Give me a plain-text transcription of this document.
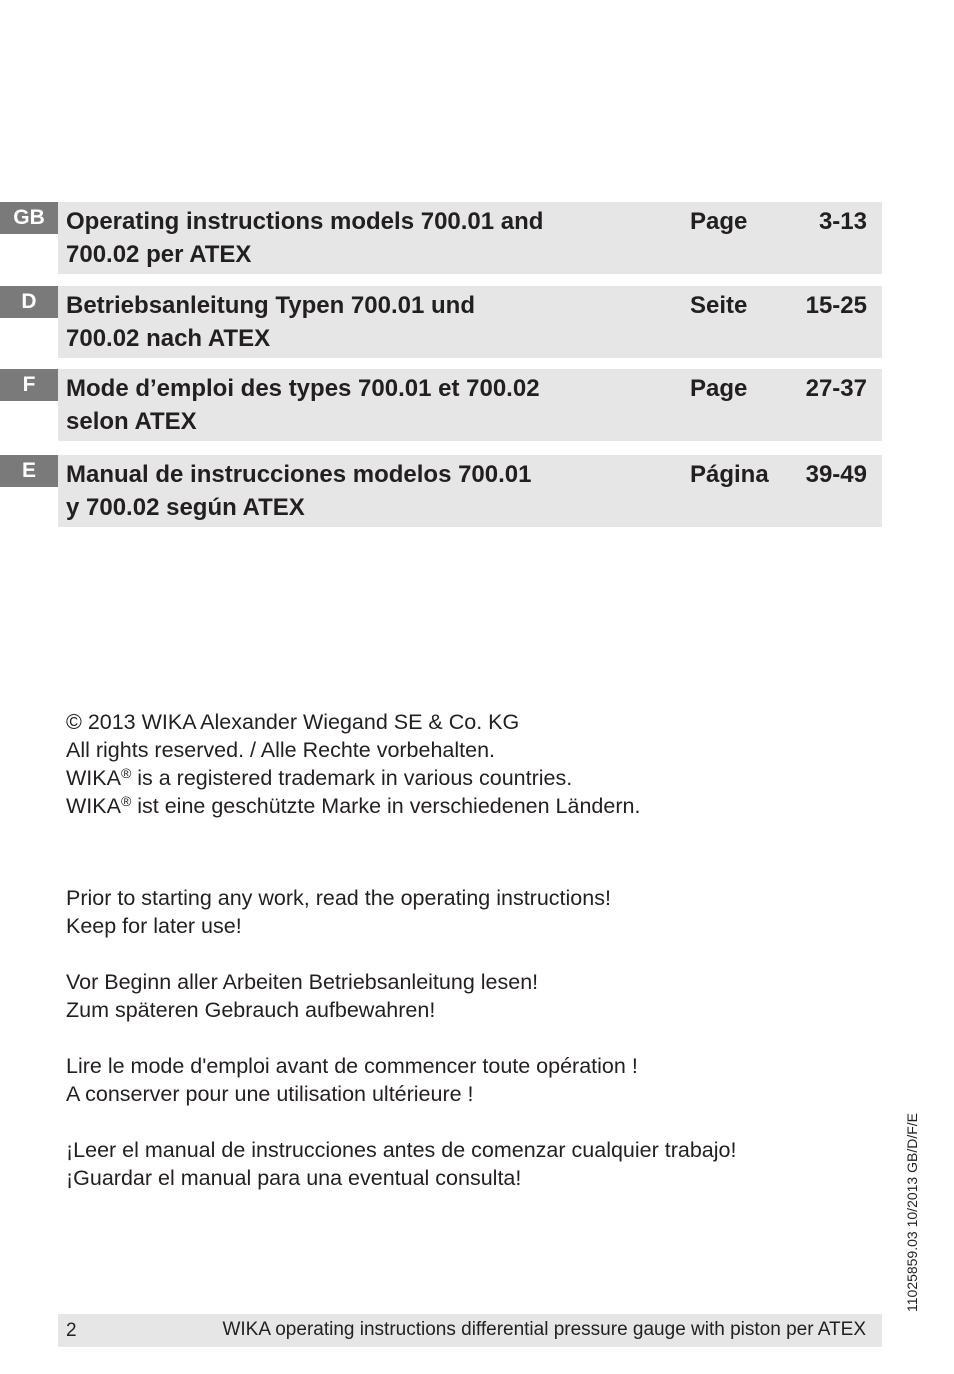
GB Operating instructions models 700.01 and
700.02 per ATEX
Page	3-13
D	Betriebsanleitung Typen 700.01 und
700.02 nach ATEX
Seite 15-25
F	Mode d’emploi des types 700.01 et 700.02
selon ATEX
Page 27-37
E	Manual de instrucciones modelos 700.01
y 700.02 según ATEX
Página 39-49
© 2013 WIKA Alexander Wiegand SE & Co. KG
All rights reserved. / Alle Rechte vorbehalten.
WIKA® is a registered trademark in various countries.
WIKA® ist eine geschützte Marke in verschiedenen Ländern.
Prior to starting any work, read the operating instructions!
Keep for later use!
Vor Beginn aller Arbeiten Betriebsanleitung lesen!
Zum späteren Gebrauch aufbewahren!
Lire le mode d'emploi avant de commencer toute opération !
A conserver pour une utilisation ultérieure !
¡Leer el manual de instrucciones antes de comenzar cualquier trabajo!
¡Guardar el manual para una eventual consulta!	11025859.03 10/2013 GB/D/F/E
2	WIKA operating instructions differential pressure gauge with piston per ATEX
